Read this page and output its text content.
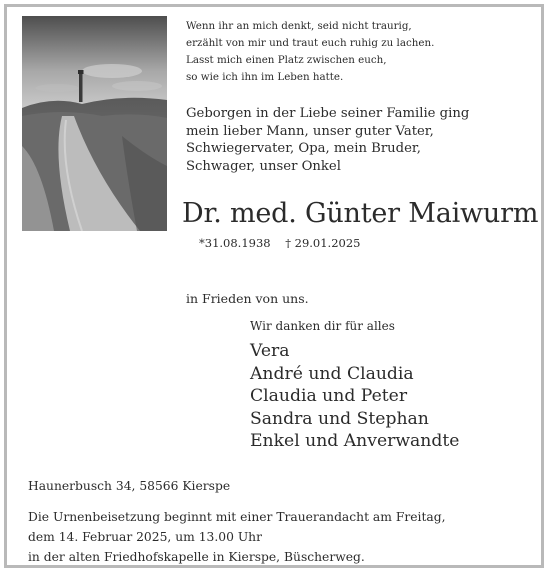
Wenn ihr an mich denkt, seid nicht traurig,
erzählt von mir und traut euch ruhig zu lachen.
Lasst mich einen Platz zwischen euch,
so wie ich ihn im Leben hatte.
Geborgen in der Liebe seiner Familie ging
mein lieber Mann, unser guter Vater,
Schwiegervater, Opa, mein Bruder,
Schwager, unser Onkel
Dr. med. Günter Maiwurm
*31.08.1938 † 29.01.2025
in Frieden von uns.
Wir danken dir für alles
Vera
André und Claudia
Claudia und Peter
Sandra und Stephan
Enkel und Anverwandte
Haunerbusch 34, 58566 Kierspe
Die Urnenbeisetzung beginnt mit einer Trauerandacht am Freitag,
dem 14. Februar 2025, um 13.00 Uhr
in der alten Friedhofskapelle in Kierspe, Büscherweg.
